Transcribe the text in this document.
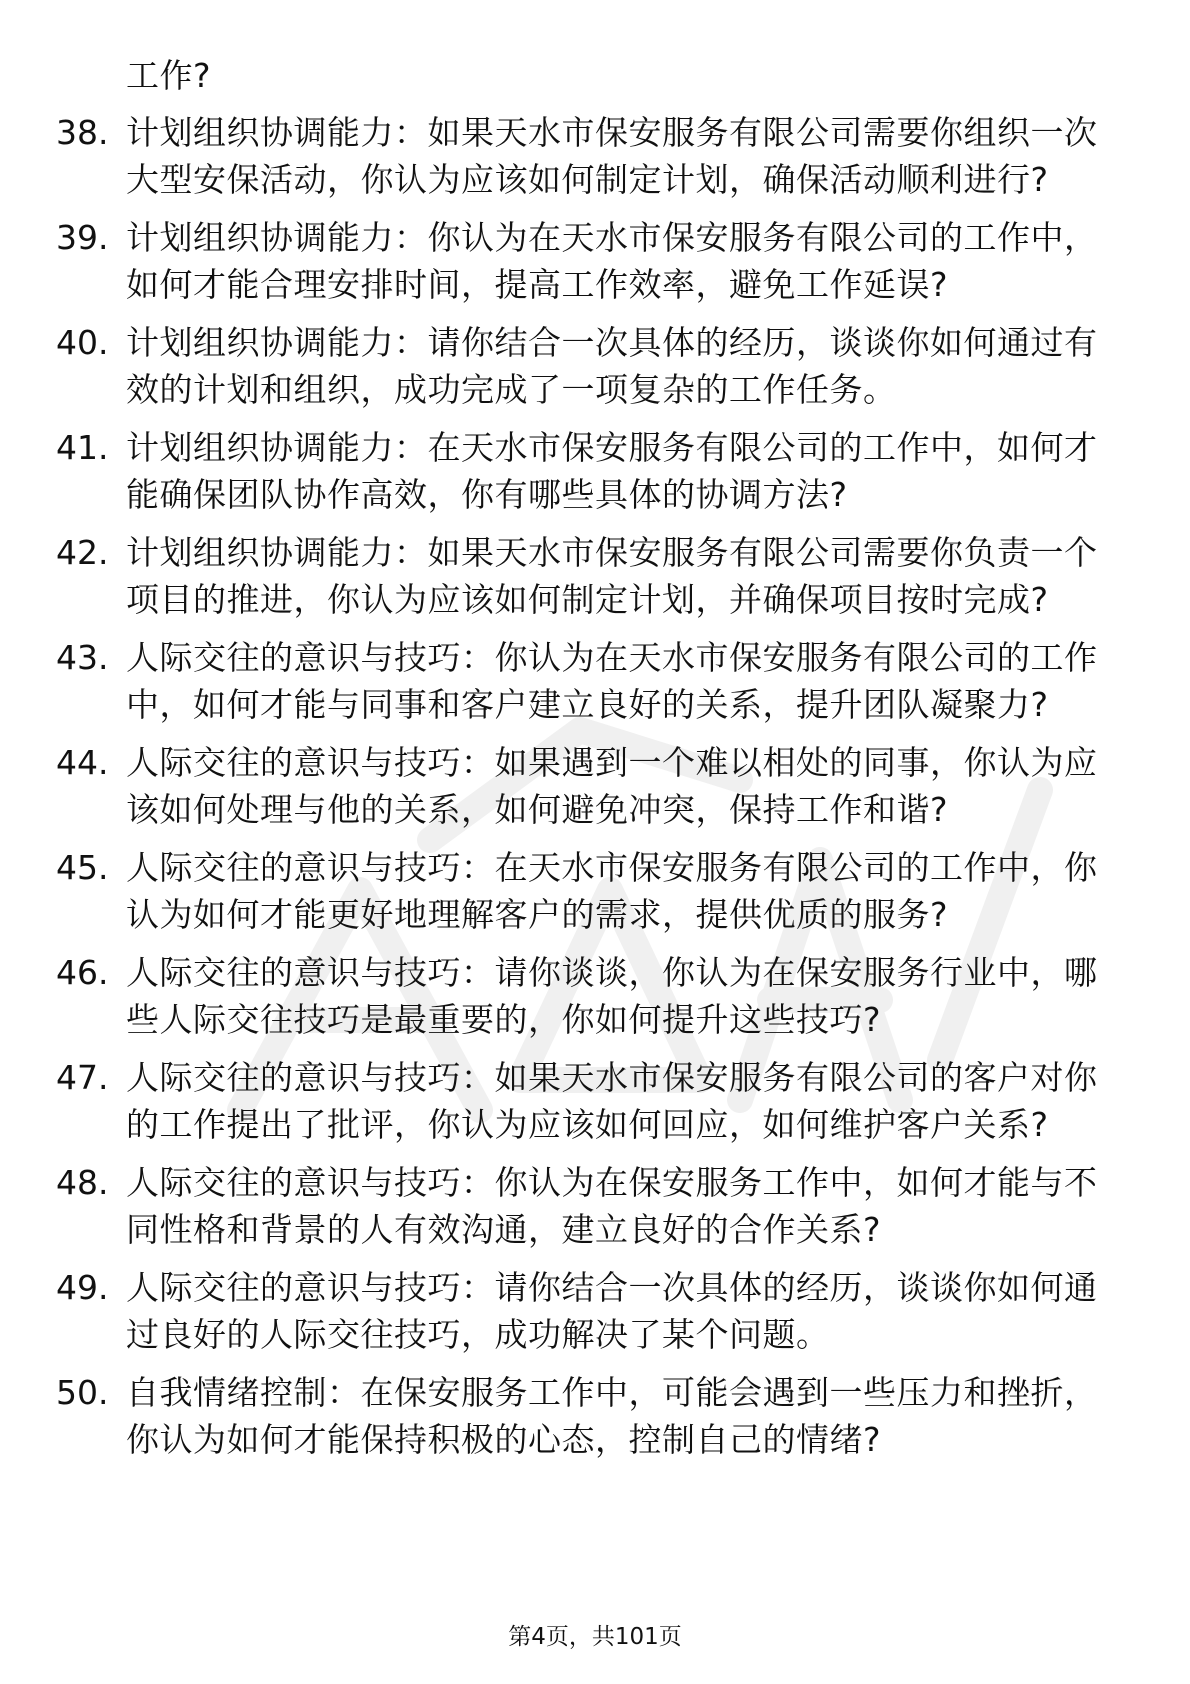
工作?
38. 计划组织协调能力：如果天水市保安服务有限公司需要你组织一次大型安保活动，你认为应该如何制定计划，确保活动顺利进行?
39. 计划组织协调能力：你认为在天水市保安服务有限公司的工作中，如何才能合理安排时间，提高工作效率，避免工作延误?
40. 计划组织协调能力：请你结合一次具体的经历，谈谈你如何通过有效的计划和组织，成功完成了一项复杂的工作任务。
41. 计划组织协调能力：在天水市保安服务有限公司的工作中，如何才能确保团队协作高效，你有哪些具体的协调方法?
42. 计划组织协调能力：如果天水市保安服务有限公司需要你负责一个项目的推进，你认为应该如何制定计划，并确保项目按时完成?
43. 人际交往的意识与技巧：你认为在天水市保安服务有限公司的工作中，如何才能与同事和客户建立良好的关系，提升团队凝聚力?
44. 人际交往的意识与技巧：如果遇到一个难以相处的同事，你认为应该如何处理与他的关系，如何避免冲突，保持工作和谐?
45. 人际交往的意识与技巧：在天水市保安服务有限公司的工作中，你认为如何才能更好地理解客户的需求，提供优质的服务?
46. 人际交往的意识与技巧：请你谈谈，你认为在保安服务行业中，哪些人际交往技巧是最重要的，你如何提升这些技巧?
47. 人际交往的意识与技巧：如果天水市保安服务有限公司的客户对你的工作提出了批评，你认为应该如何回应，如何维护客户关系?
48. 人际交往的意识与技巧：你认为在保安服务工作中，如何才能与不同性格和背景的人有效沟通，建立良好的合作关系?
49. 人际交往的意识与技巧：请你结合一次具体的经历，谈谈你如何通过良好的人际交往技巧，成功解决了某个问题。
50. 自我情绪控制：在保安服务工作中，可能会遇到一些压力和挫折，你认为如何才能保持积极的心态，控制自己的情绪?
第4页，共101页
